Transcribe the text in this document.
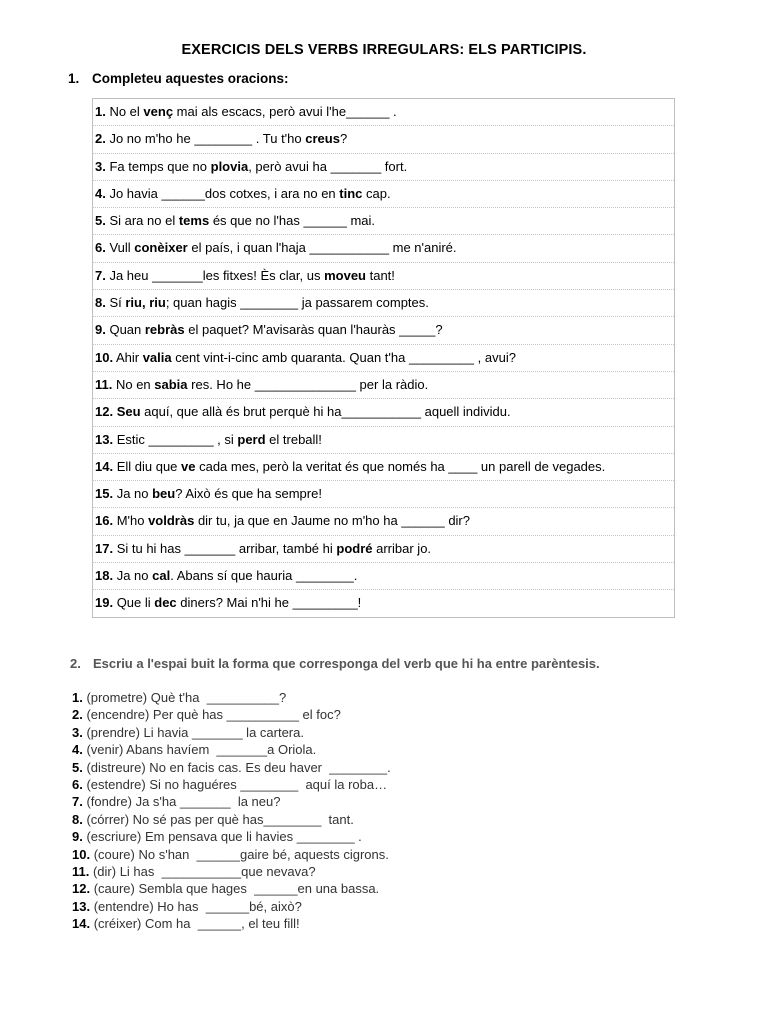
EXERCICIS DELS VERBS IRREGULARS: ELS PARTICIPIS.
1. Completeu aquestes oracions:
1. No el venç mai als escacs, però avui l'he______ .
2. Jo no m'ho he ________ . Tu t'ho creus?
3. Fa temps que no plovia, però avui ha _______ fort.
4. Jo havia ______dos cotxes, i ara no en tinc cap.
5. Si ara no el tems és que no l'has ______ mai.
6. Vull conèixer el país, i quan l'haja ___________ me n'aniré.
7. Ja heu _______les fitxes! Ès clar, us moveu tant!
8. Sí riu, riu; quan hagis ________ ja passarem comptes.
9. Quan rebràs el paquet? M'avisaràs quan l'hauràs _____?
10. Ahir valia cent vint-i-cinc amb quaranta. Quan t'ha _________ , avui?
11. No en sabia res. Ho he ______________ per la ràdio.
12. Seu aquí, que allà és brut perquè hi ha___________ aquell individu.
13. Estic _________ , si perd el treball!
14. Ell diu que ve cada mes, però la veritat és que només ha ____ un parell de vegades.
15. Ja no beu? Això és que ha sempre!
16. M'ho voldràs dir tu, ja que en Jaume no m'ho ha ______ dir?
17. Si tu hi has _______ arribar, també hi podré arribar jo.
18. Ja no cal. Abans sí que hauria ________.
19. Que li dec diners? Mai n'hi he _________!
2. Escriu a l'espai buit la forma que corresponga del verb que hi ha entre parèntesis.
1. (prometre) Què t'ha  __________?
2. (encendre) Per què has __________ el foc?
3. (prendre) Li havia _______ la cartera.
4. (venir) Abans havíem  _______a Oriola.
5. (distreure) No en facis cas. Es deu haver  ________.
6. (estendre) Si no haguéres ________  aquí la roba…
7. (fondre) Ja s'ha _______  la neu?
8. (córrer) No sé pas per què has________  tant.
9. (escriure) Em pensava que li havies ________ .
10. (coure) No s'han  ______gaire bé, aquests cigrons.
11. (dir) Li has  ___________que nevava?
12. (caure) Sembla que hages  ______en una bassa.
13. (entendre) Ho has  ______bé, això?
14. (créixer) Com ha  ______, el teu fill!
